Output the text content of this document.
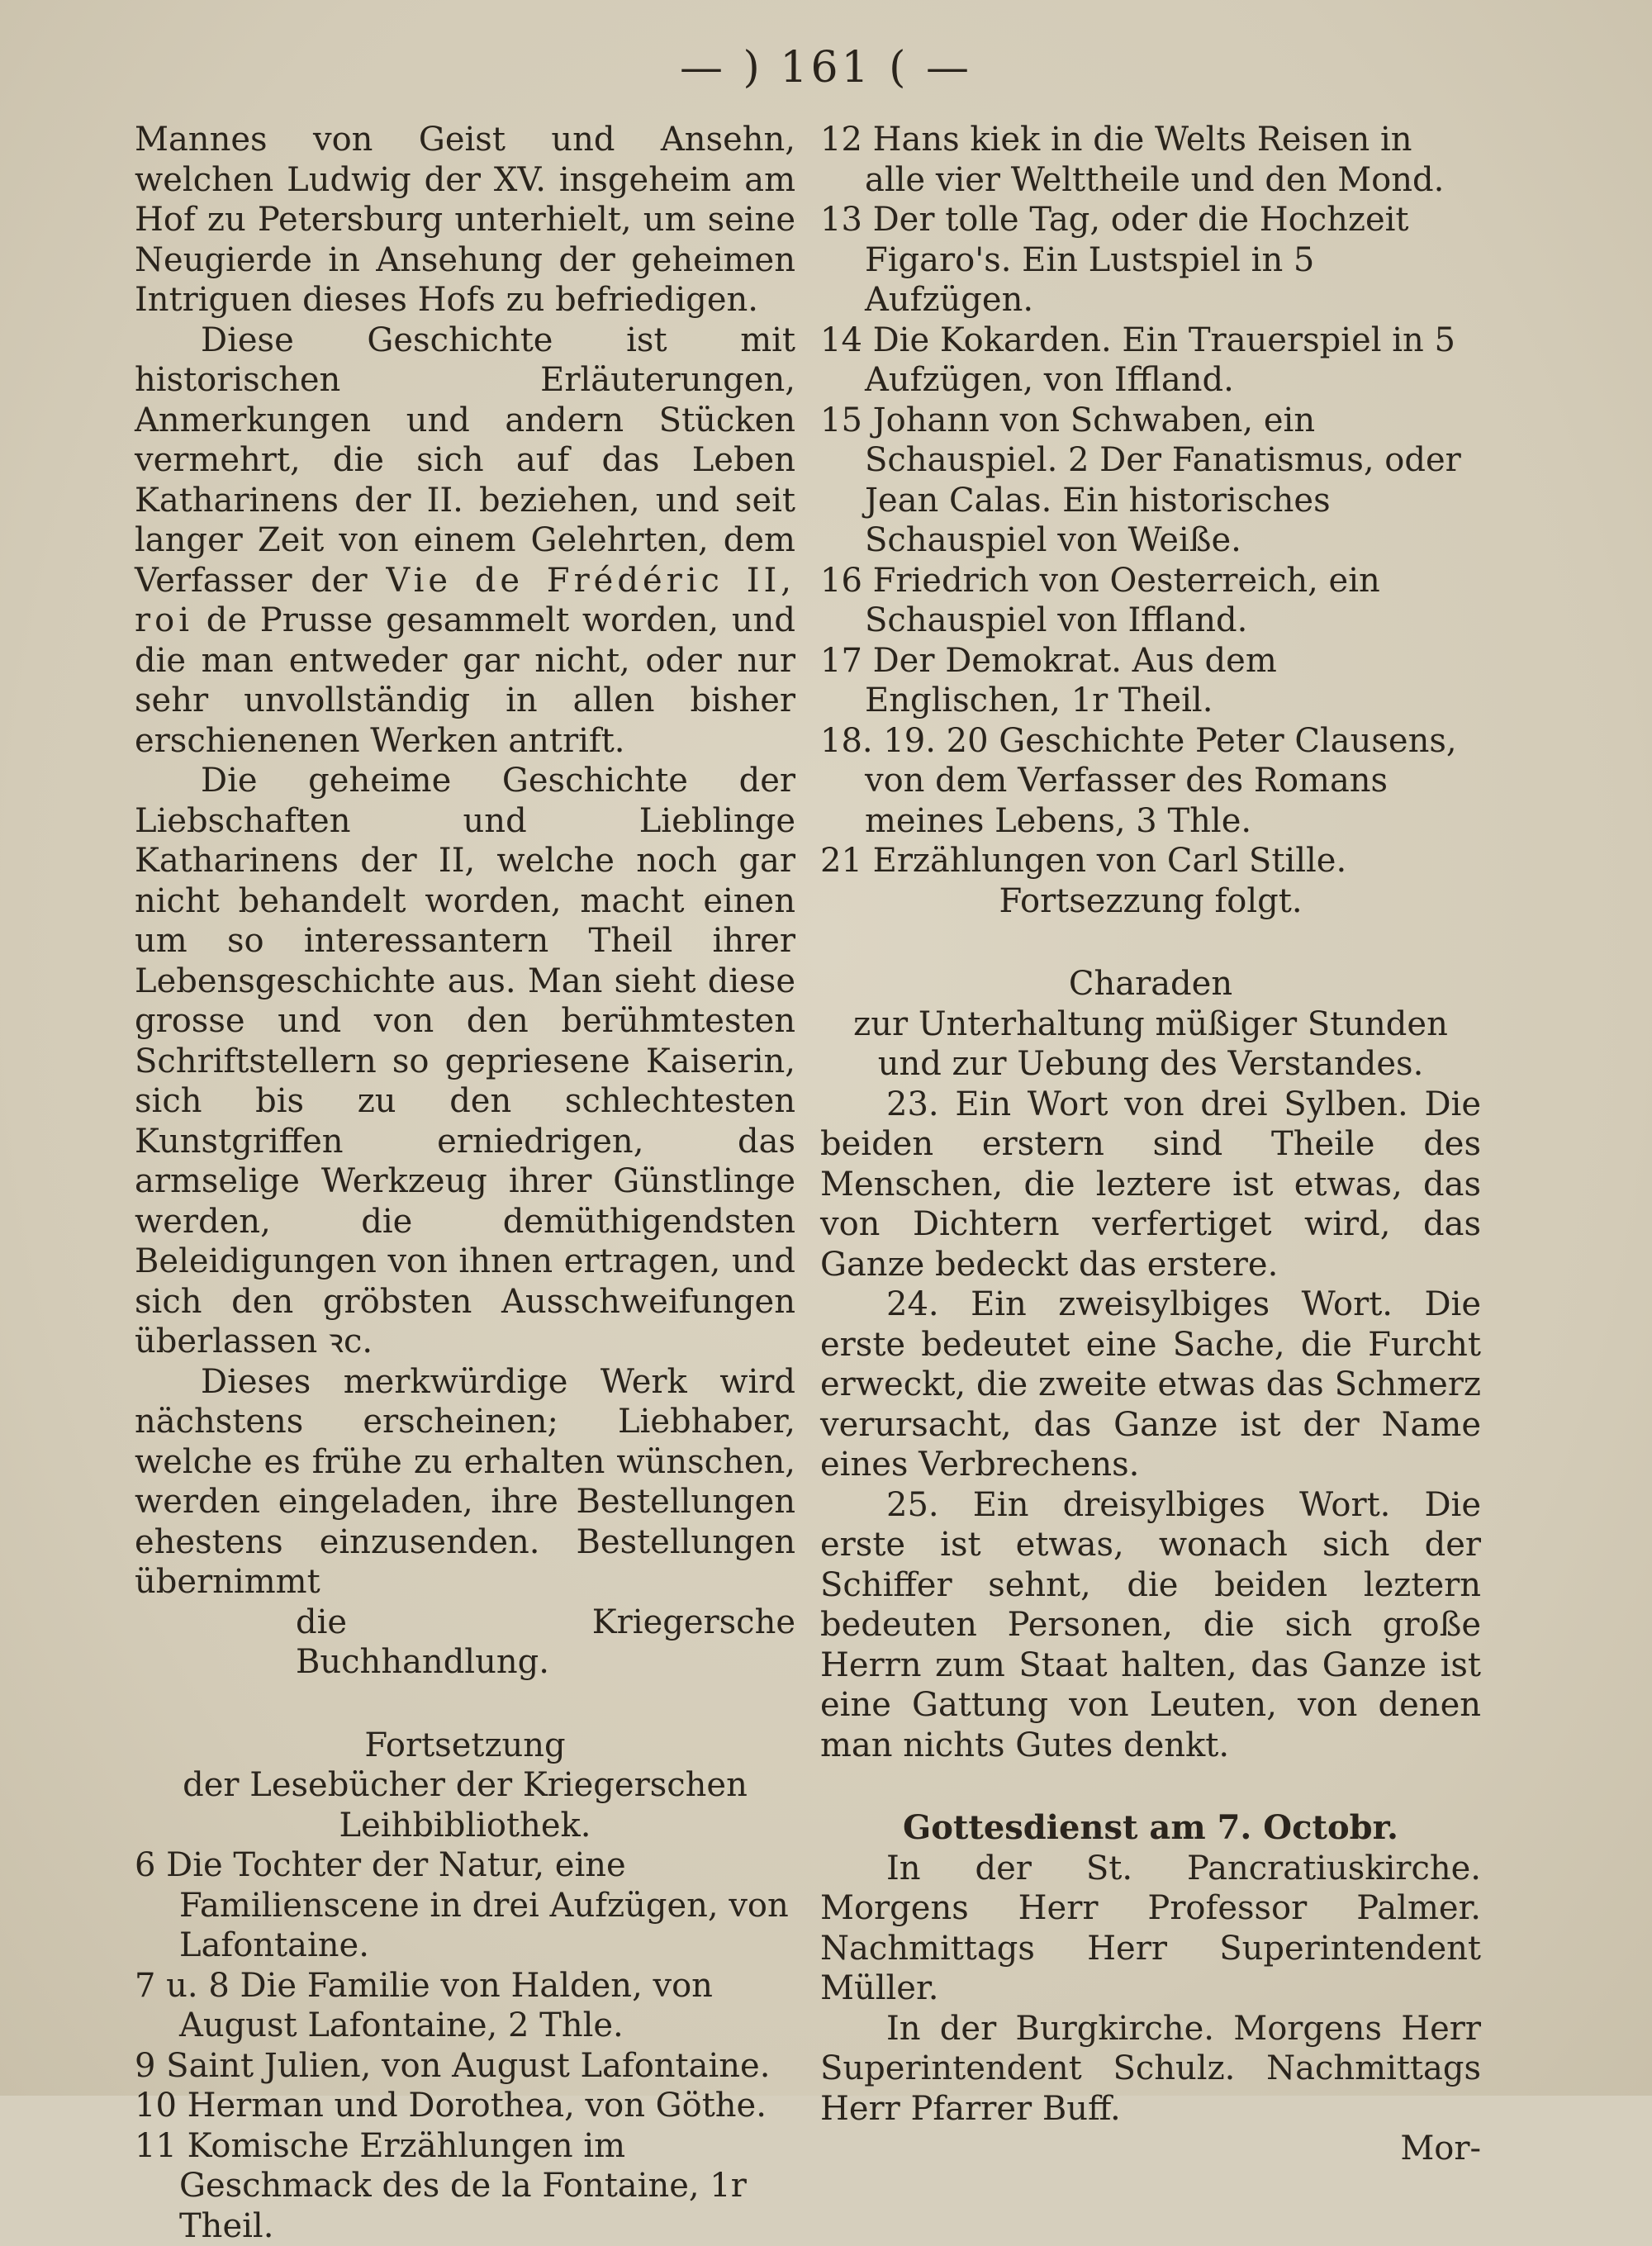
— ) 161 ( —

Mannes von Geist und Ansehn, welchen Ludwig der XV. insgeheim am Hof zu Petersburg unterhielt, um seine Neugierde in Ansehung der geheimen Intriguen dieses Hofs zu befriedigen.

Diese Geschichte ist mit historischen Erläuterungen, Anmerkungen und andern Stücken vermehrt, die sich auf das Leben Katharinens der II. beziehen, und seit langer Zeit von einem Gelehrten, dem Verfasser der Vie de Frédéric II, roi de Prusse gesammelt worden, und die man entweder gar nicht, oder nur sehr unvollständig in allen bisher erschienenen Werken antrift.

Die geheime Geschichte der Liebschaften und Lieblinge Katharinens der II, welche noch gar nicht behandelt worden, macht einen um so interessantern Theil ihrer Lebensgeschichte aus. Man sieht diese grosse und von den berühmtesten Schriftstellern so gepriesene Kaiserin, sich bis zu den schlechtesten Kunstgriffen erniedrigen, das armselige Werkzeug ihrer Günstlinge werden, die demüthigendsten Beleidigungen von ihnen ertragen, und sich den gröbsten Ausschweifungen überlassen ꝛc.

Dieses merkwürdige Werk wird nächstens erscheinen; Liebhaber, welche es frühe zu erhalten wünschen, werden eingeladen, ihre Bestellungen ehestens einzusenden. Bestellungen übernimmt

die Kriegersche Buchhandlung.

Fortsetzung

der Lesebücher der Kriegerschen Leihbibliothek.

6 Die Tochter der Natur, eine Familienscene in drei Aufzügen, von Lafontaine.

7 u. 8 Die Familie von Halden, von August Lafontaine, 2 Thle.

9 Saint Julien, von August Lafontaine.

10 Herman und Dorothea, von Göthe.

11 Komische Erzählungen im Geschmack des de la Fontaine, 1r Theil.

12 Hans kiek in die Welts Reisen in alle vier Welttheile und den Mond.

13 Der tolle Tag, oder die Hochzeit Figaro's. Ein Lustspiel in 5 Aufzügen.

14 Die Kokarden. Ein Trauerspiel in 5 Aufzügen, von Iffland.

15 Johann von Schwaben, ein Schauspiel. 2 Der Fanatismus, oder Jean Calas. Ein historisches Schauspiel von Weiße.

16 Friedrich von Oesterreich, ein Schauspiel von Iffland.

17 Der Demokrat. Aus dem Englischen, 1r Theil.

18. 19. 20 Geschichte Peter Clausens, von dem Verfasser des Romans meines Lebens, 3 Thle.

21 Erzählungen von Carl Stille.

Fortsezzung folgt.

Charaden

zur Unterhaltung müßiger Stunden und zur Uebung des Verstandes.

23. Ein Wort von drei Sylben. Die beiden erstern sind Theile des Menschen, die leztere ist etwas, das von Dichtern verfertiget wird, das Ganze bedeckt das erstere.

24. Ein zweisylbiges Wort. Die erste bedeutet eine Sache, die Furcht erweckt, die zweite etwas das Schmerz verursacht, das Ganze ist der Name eines Verbrechens.

25. Ein dreisylbiges Wort. Die erste ist etwas, wonach sich der Schiffer sehnt, die beiden leztern bedeuten Personen, die sich große Herrn zum Staat halten, das Ganze ist eine Gattung von Leuten, von denen man nichts Gutes denkt.

Gottesdienst am 7. Octobr.

In der St. Pancratiuskirche. Morgens Herr Professor Palmer. Nachmittags Herr Superintendent Müller.

In der Burgkirche. Morgens Herr Superintendent Schulz. Nachmittags Herr Pfarrer Buff.

Mor-
